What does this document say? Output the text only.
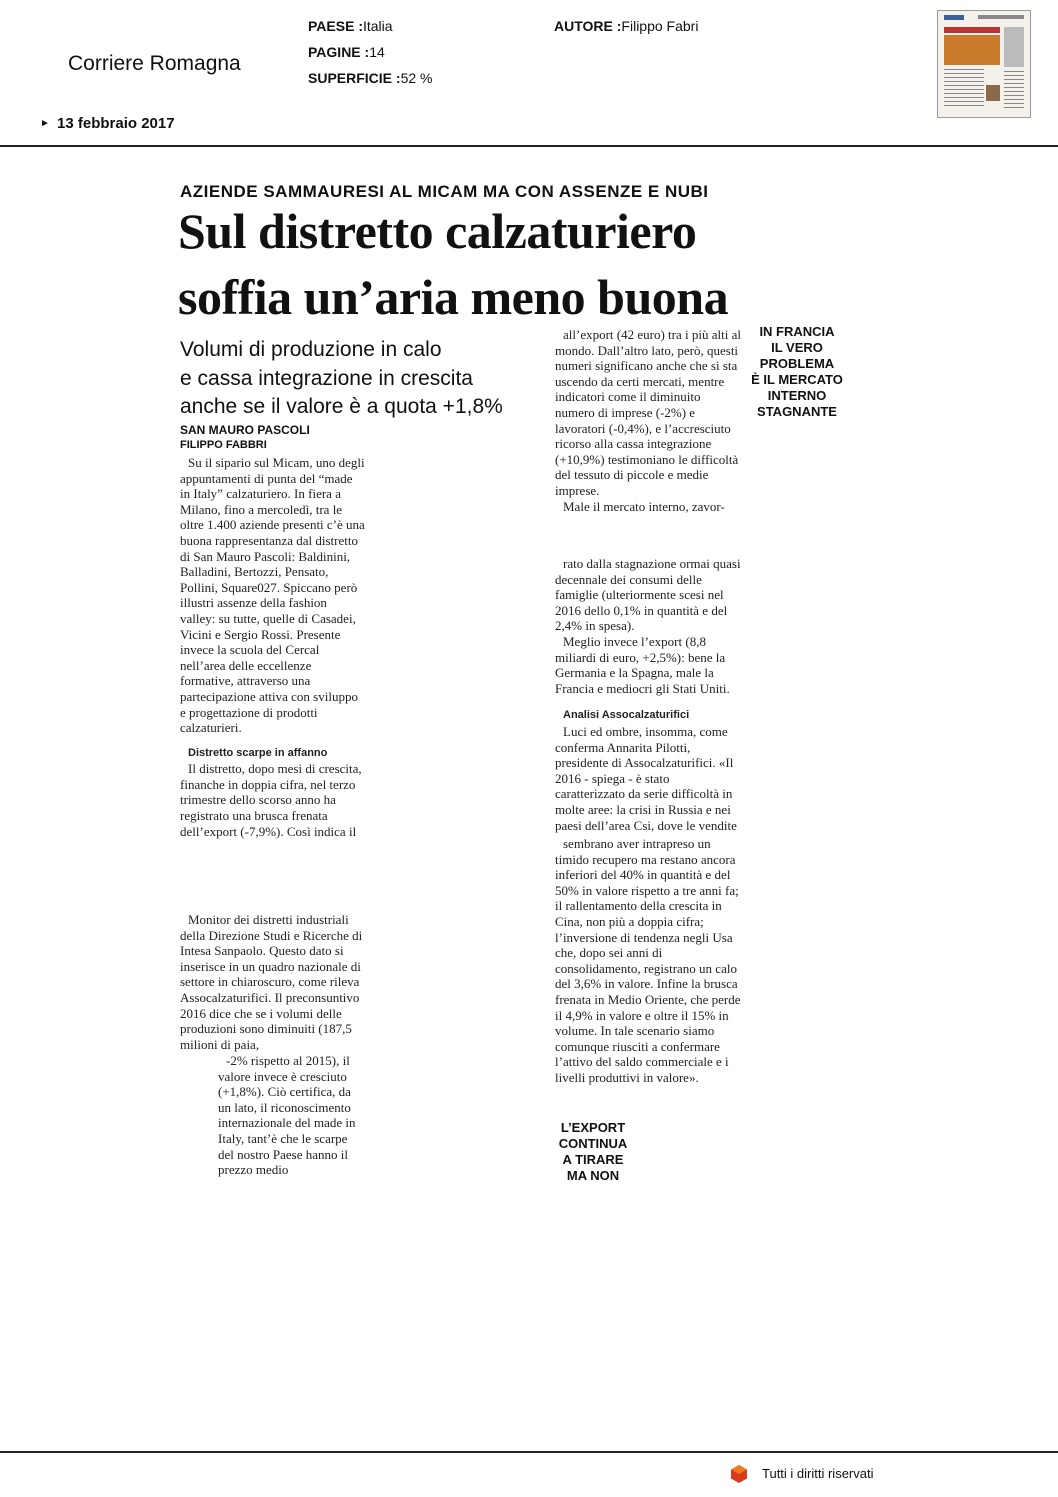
Corriere Romagna
PAESE :Italia
PAGINE :14
SUPERFICIE :52 %
AUTORE :Filippo Fabri
► 13 febbraio 2017
AZIENDE SAMMAURESI AL MICAM MA CON ASSENZE E NUBI
Sul distretto calzaturiero
soffia un’aria meno buona
Volumi di produzione in calo
e cassa integrazione in crescita
anche se il valore è a quota +1,8%
SAN MAURO PASCOLI
FILIPPO FABBRI

Su il sipario sul Micam, uno degli appuntamenti di punta del “made in Italy” calzaturiero. In fiera a Milano, fino a mercoledì, tra le oltre 1.400 aziende presenti c’è una buona rappresentanza dal distretto di San Mauro Pascoli: Baldinini, Balladini, Bertozzi, Pensato, Pollini, Square027. Spiccano però illustri assenze della fashion valley: su tutte, quelle di Casadei, Vicini e Sergio Rossi. Presente invece la scuola del Cercal nell’area delle eccellenze formative, attraverso una partecipazione attiva con sviluppo e progettazione di prodotti calzaturieri.

Distretto scarpe in affanno

Il distretto, dopo mesi di crescita, finanche in doppia cifra, nel terzo trimestre dello scorso anno ha registrato una brusca frenata dell’export (-7,9%). Così indica il

Monitor dei distretti industriali della Direzione Studi e Ricerche di Intesa Sanpaolo. Questo dato si inserisce in un quadro nazionale di settore in chiaroscuro, come rileva Assocalzaturifici. Il preconsuntivo 2016 dice che se i volumi delle produzioni sono diminuiti (187,5 milioni di paia,

-2% rispetto al 2015), il valore invece è cresciuto (+1,8%). Ciò certifica, da un lato, il riconoscimento internazionale del made in Italy, tant’è che le scarpe del nostro Paese hanno il prezzo medio

all’export (42 euro) tra i più alti al mondo. Dall’altro lato, però, questi numeri significano anche che si sta uscendo da certi mercati, mentre indicatori come il diminuito numero di imprese (-2%) e lavoratori (-0,4%), e l’accresciuto ricorso alla cassa integrazione (+10,9%) testimoniano le difficoltà del tessuto di piccole e medie imprese.

Male il mercato interno, zavor-

rato dalla stagnazione ormai quasi decennale dei consumi delle famiglie (ulteriormente scesi nel 2016 dello 0,1% in quantità e del 2,4% in spesa).

Meglio invece l’export (8,8 miliardi di euro, +2,5%): bene la Germania e la Spagna, male la Francia e mediocri gli Stati Uniti.

Analisi Assocalzaturifici

Luci ed ombre, insomma, come conferma Annarita Pilotti, presidente di Assocalzaturifici. «Il 2016 - spiega - è stato caratterizzato da serie difficoltà in molte aree: la crisi in Russia e nei paesi dell’area Csi, dove le vendite

sembrano aver intrapreso un timido recupero ma restano ancora inferiori del 40% in quantità e del 50% in valore rispetto a tre anni fa; il rallentamento della crescita in Cina, non più a doppia cifra; l’inversione di tendenza negli Usa che, dopo sei anni di consolidamento, registrano un calo del 3,6% in valore. Infine la brusca frenata in Medio Oriente, che perde il 4,9% in valore e oltre il 15% in volume. In tale scenario siamo comunque riusciti a confermare l’attivo del saldo commerciale e i livelli produttivi in valore».

IN FRANCIA
IL VERO
PROBLEMA
È IL MERCATO
INTERNO
STAGNANTE
L’EXPORT
CONTINUA
A TIRARE
MA NON
Tutti i diritti riservati
